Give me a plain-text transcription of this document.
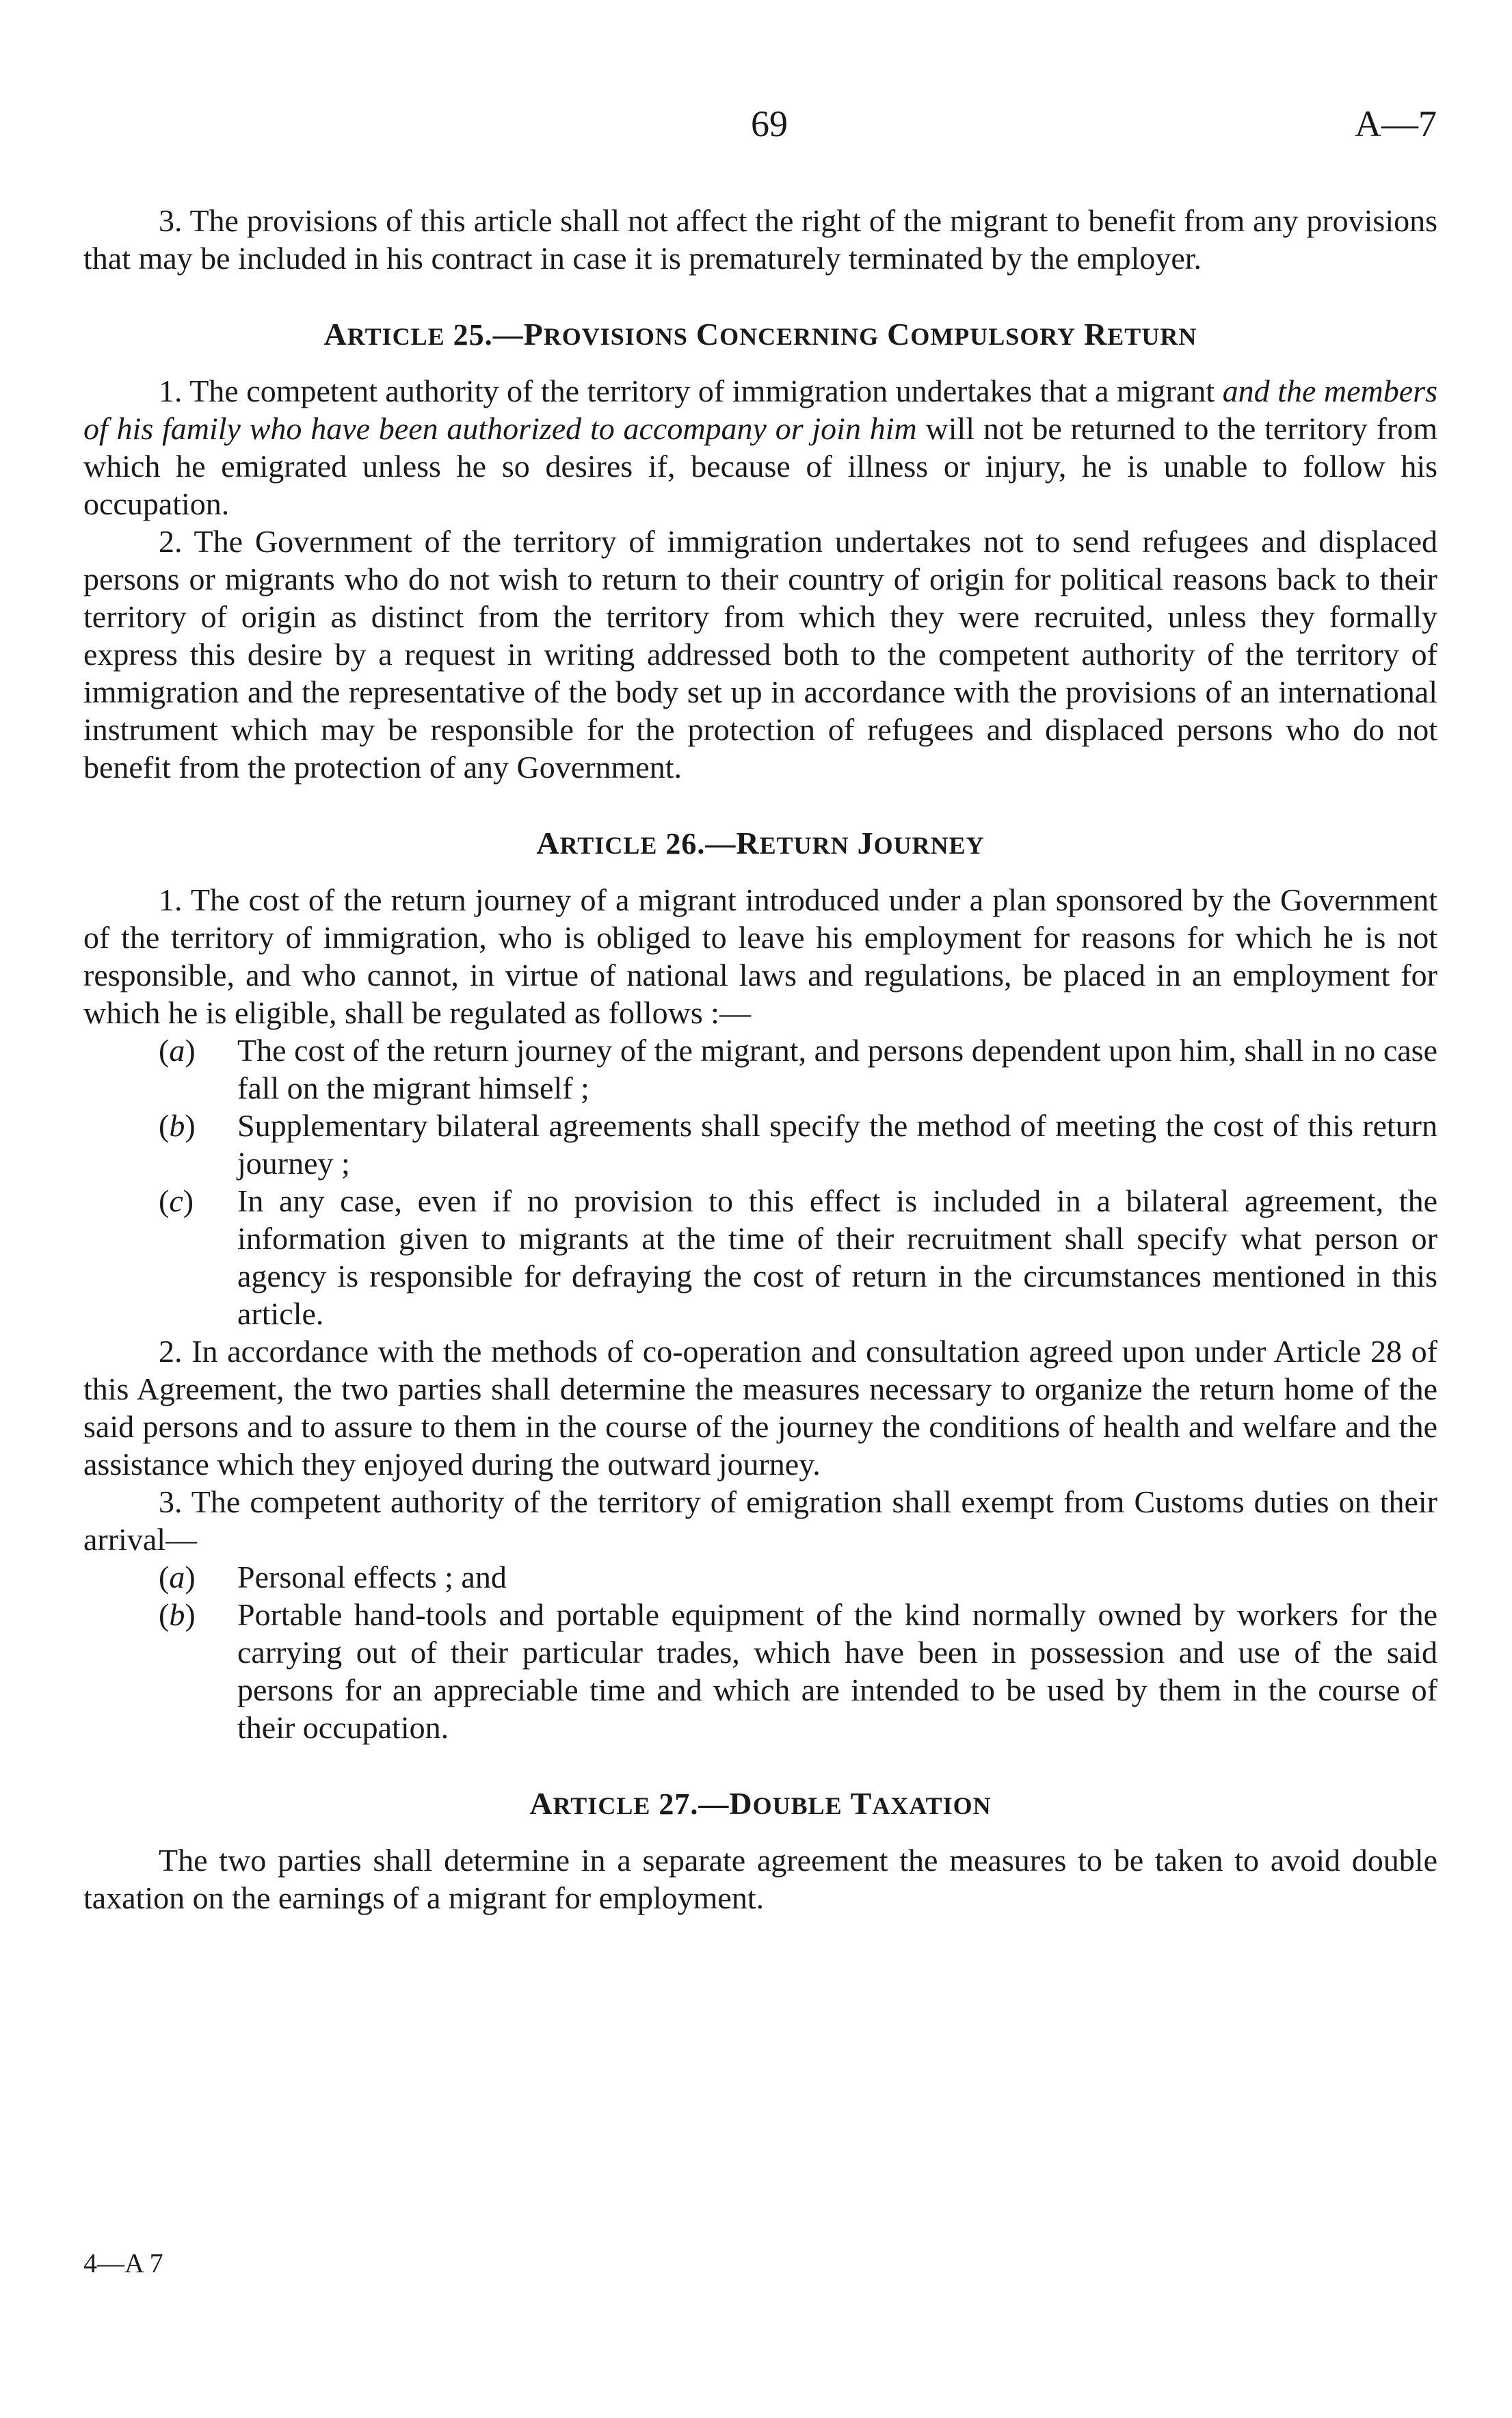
69	A—7

3. The provisions of this article shall not affect the right of the migrant to benefit from any provisions that may be included in his contract in case it is prematurely terminated by the employer.

ARTICLE 25.—PROVISIONS CONCERNING COMPULSORY RETURN

1. The competent authority of the territory of immigration undertakes that a migrant and the members of his family who have been authorized to accompany or join him will not be returned to the territory from which he emigrated unless he so desires if, because of illness or injury, he is unable to follow his occupation.

2. The Government of the territory of immigration undertakes not to send refugees and displaced persons or migrants who do not wish to return to their country of origin for political reasons back to their territory of origin as distinct from the territory from which they were recruited, unless they formally express this desire by a request in writing addressed both to the competent authority of the territory of immigration and the representative of the body set up in accordance with the provisions of an international instrument which may be responsible for the protection of refugees and displaced persons who do not benefit from the protection of any Government.

ARTICLE 26.—RETURN JOURNEY

1. The cost of the return journey of a migrant introduced under a plan sponsored by the Government of the territory of immigration, who is obliged to leave his employment for reasons for which he is not responsible, and who cannot, in virtue of national laws and regulations, be placed in an employment for which he is eligible, shall be regulated as follows :—

(a) The cost of the return journey of the migrant, and persons dependent upon him, shall in no case fall on the migrant himself ;

(b) Supplementary bilateral agreements shall specify the method of meeting the cost of this return journey ;

(c) In any case, even if no provision to this effect is included in a bilateral agreement, the information given to migrants at the time of their recruitment shall specify what person or agency is responsible for defraying the cost of return in the circumstances mentioned in this article.

2. In accordance with the methods of co-operation and consultation agreed upon under Article 28 of this Agreement, the two parties shall determine the measures necessary to organize the return home of the said persons and to assure to them in the course of the journey the conditions of health and welfare and the assistance which they enjoyed during the outward journey.

3. The competent authority of the territory of emigration shall exempt from Customs duties on their arrival—

(a) Personal effects ; and

(b) Portable hand-tools and portable equipment of the kind normally owned by workers for the carrying out of their particular trades, which have been in possession and use of the said persons for an appreciable time and which are intended to be used by them in the course of their occupation.

ARTICLE 27.—DOUBLE TAXATION

The two parties shall determine in a separate agreement the measures to be taken to avoid double taxation on the earnings of a migrant for employment.

4—A 7
